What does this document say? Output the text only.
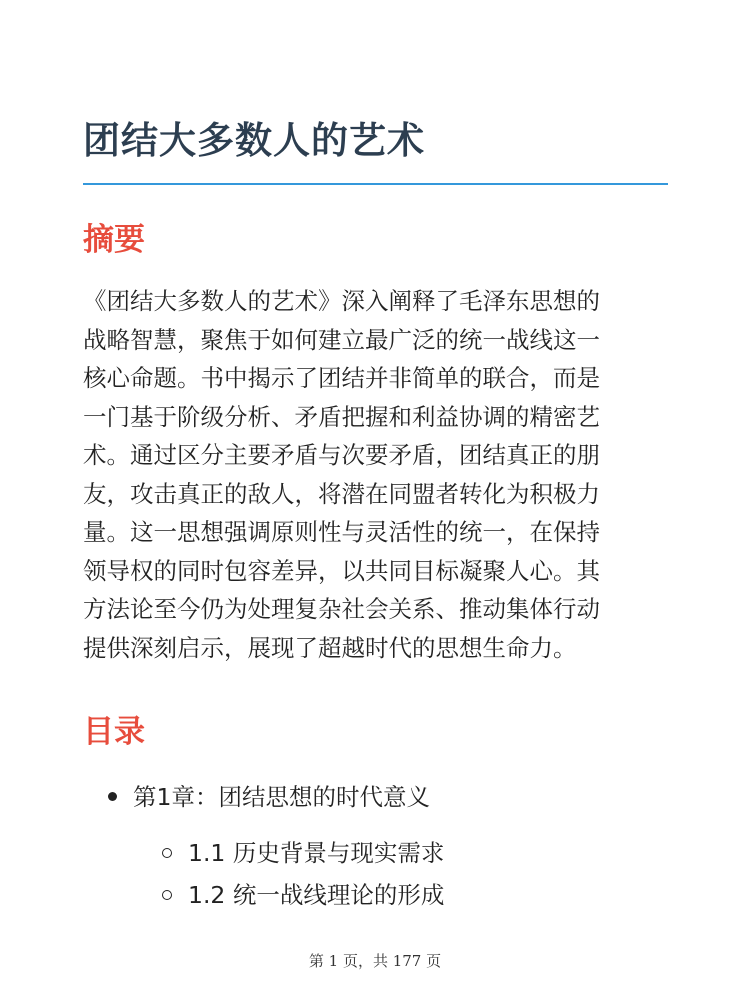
团结大多数人的艺术
摘要

《团结大多数人的艺术》深入阐释了毛泽东思想的
战略智慧，聚焦于如何建立最广泛的统一战线这一
核心命题。书中揭示了团结并非简单的联合，而是
一门基于阶级分析、矛盾把握和利益协调的精密艺
术。通过区分主要矛盾与次要矛盾，团结真正的朋
友，攻击真正的敌人，将潜在同盟者转化为积极力
量。这一思想强调原则性与灵活性的统一，在保持
领导权的同时包容差异，以共同目标凝聚人心。其
方法论至今仍为处理复杂社会关系、推动集体行动
提供深刻启示，展现了超越时代的思想生命力。

目录
第1章：团结思想的时代意义
1.1 历史背景与现实需求
1.2 统一战线理论的形成
第 1 页，共 177 页
